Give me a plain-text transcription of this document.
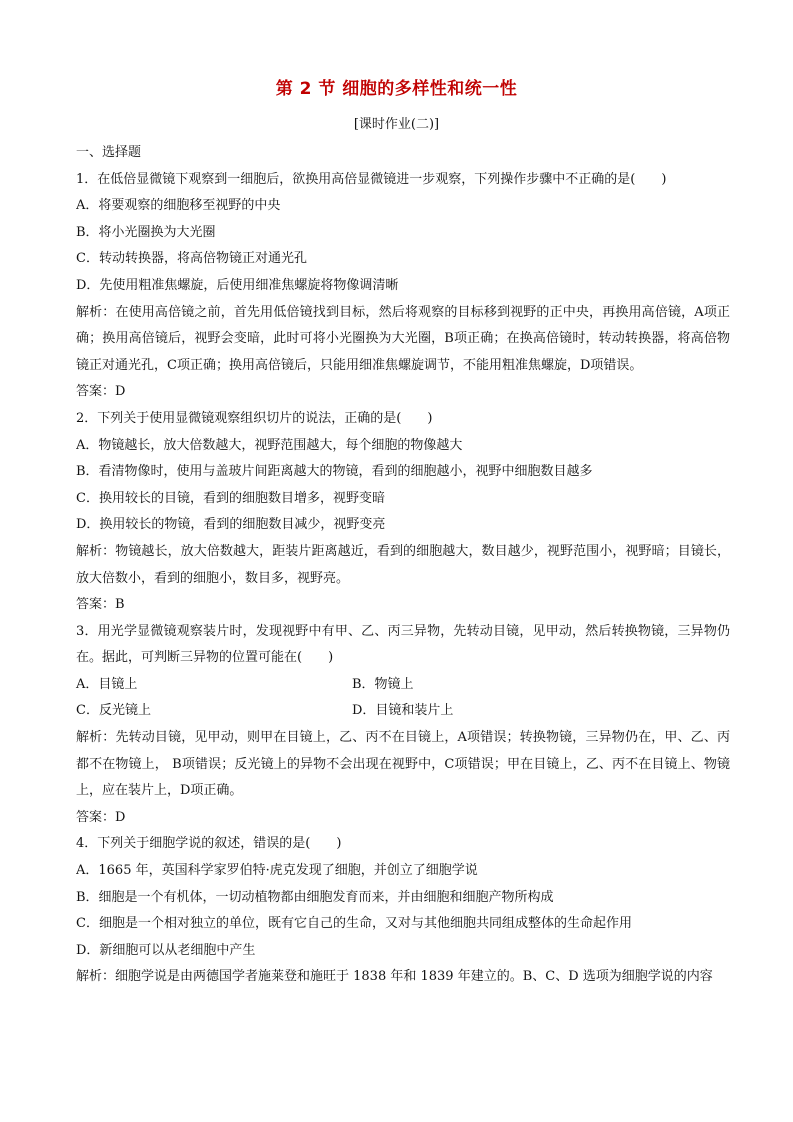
第 2 节 细胞的多样性和统一性
[课时作业(二)]
一、选择题
1．在低倍显微镜下观察到一细胞后，欲换用高倍显微镜进一步观察，下列操作步骤中不正确的是(　　)
A．将要观察的细胞移至视野的中央
B．将小光圈换为大光圈
C．转动转换器，将高倍物镜正对通光孔
D．先使用粗准焦螺旋，后使用细准焦螺旋将物像调清晰
解析：在使用高倍镜之前，首先用低倍镜找到目标，然后将观察的目标移到视野的正中央，再换用高倍镜，A项正确；换用高倍镜后，视野会变暗，此时可将小光圈换为大光圈，B项正确；在换高倍镜时，转动转换器，将高倍物镜正对通光孔，C项正确；换用高倍镜后，只能用细准焦螺旋调节，不能用粗准焦螺旋，D项错误。
答案：D
2．下列关于使用显微镜观察组织切片的说法，正确的是(　　)
A．物镜越长，放大倍数越大，视野范围越大，每个细胞的物像越大
B．看清物像时，使用与盖玻片间距离越大的物镜，看到的细胞越小，视野中细胞数目越多
C．换用较长的目镜，看到的细胞数目增多，视野变暗
D．换用较长的物镜，看到的细胞数目减少，视野变亮
解析：物镜越长，放大倍数越大，距装片距离越近，看到的细胞越大，数目越少，视野范围小，视野暗；目镜长，放大倍数小，看到的细胞小，数目多，视野亮。
答案：B
3．用光学显微镜观察装片时，发现视野中有甲、乙、丙三异物，先转动目镜，见甲动，然后转换物镜，三异物仍在。据此，可判断三异物的位置可能在(　　)
A．目镜上	B．物镜上
C．反光镜上	D．目镜和装片上
解析：先转动目镜，见甲动，则甲在目镜上，乙、丙不在目镜上，A项错误；转换物镜，三异物仍在，甲、乙、丙都不在物镜上， B项错误；反光镜上的异物不会出现在视野中，C项错误；甲在目镜上，乙、丙不在目镜上、物镜上，应在装片上，D项正确。
答案：D
4．下列关于细胞学说的叙述，错误的是(　　)
A．1665 年，英国科学家罗伯特·虎克发现了细胞，并创立了细胞学说
B．细胞是一个有机体，一切动植物都由细胞发育而来，并由细胞和细胞产物所构成
C．细胞是一个相对独立的单位，既有它自己的生命，又对与其他细胞共同组成整体的生命起作用
D．新细胞可以从老细胞中产生
解析：细胞学说是由两德国学者施莱登和施旺于 1838 年和 1839 年建立的。B、C、D 选项为细胞学说的内容
